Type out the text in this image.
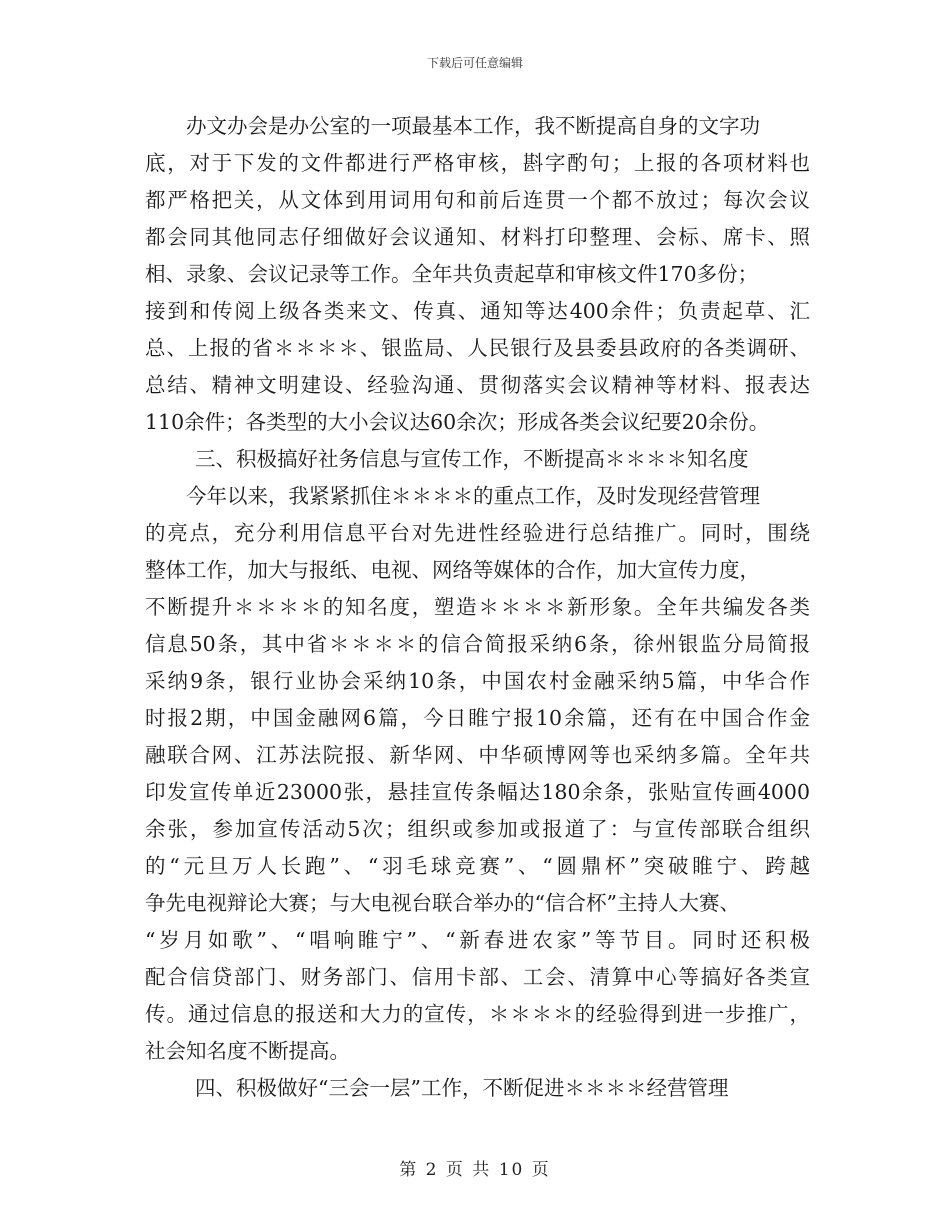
下载后可任意编辑
办文办会是办公室的一项最基本工作，我不断提高自身的文字功
底，对于下发的文件都进行严格审核，斟字酌句；上报的各项材料也
都严格把关，从文体到用词用句和前后连贯一个都不放过；每次会议
都会同其他同志仔细做好会议通知、材料打印整理、会标、席卡、照
相、录象、会议记录等工作。全年共负责起草和审核文件170多份；
接到和传阅上级各类来文、传真、通知等达400余件；负责起草、汇
总、上报的省＊＊＊＊、银监局、人民银行及县委县政府的各类调研、
总结、精神文明建设、经验沟通、贯彻落实会议精神等材料、报表达
110余件；各类型的大小会议达60余次；形成各类会议纪要20余份。
三、积极搞好社务信息与宣传工作，不断提高＊＊＊＊知名度
今年以来，我紧紧抓住＊＊＊＊的重点工作，及时发现经营管理
的亮点，充分利用信息平台对先进性经验进行总结推广。同时，围绕
整体工作，加大与报纸、电视、网络等媒体的合作，加大宣传力度，
不断提升＊＊＊＊的知名度，塑造＊＊＊＊新形象。全年共编发各类
信息50条，其中省＊＊＊＊的信合简报采纳6条，徐州银监分局简报
采纳9条，银行业协会采纳10条，中国农村金融采纳5篇，中华合作
时报2期，中国金融网6篇，今日睢宁报10余篇，还有在中国合作金
融联合网、江苏法院报、新华网、中华硕博网等也采纳多篇。全年共
印发宣传单近23000张，悬挂宣传条幅达180余条，张贴宣传画4000
余张，参加宣传活动5次；组织或参加或报道了：与宣传部联合组织
的“元旦万人长跑”、“羽毛球竞赛”、“圆鼎杯”突破睢宁、跨越
争先电视辩论大赛；与大电视台联合举办的“信合杯”主持人大赛、
“岁月如歌”、“唱响睢宁”、“新春进农家”等节目。同时还积极
配合信贷部门、财务部门、信用卡部、工会、清算中心等搞好各类宣
传。通过信息的报送和大力的宣传，＊＊＊＊的经验得到进一步推广，
社会知名度不断提高。
四、积极做好“三会一层”工作，不断促进＊＊＊＊经营管理
第 2 页 共 10 页
